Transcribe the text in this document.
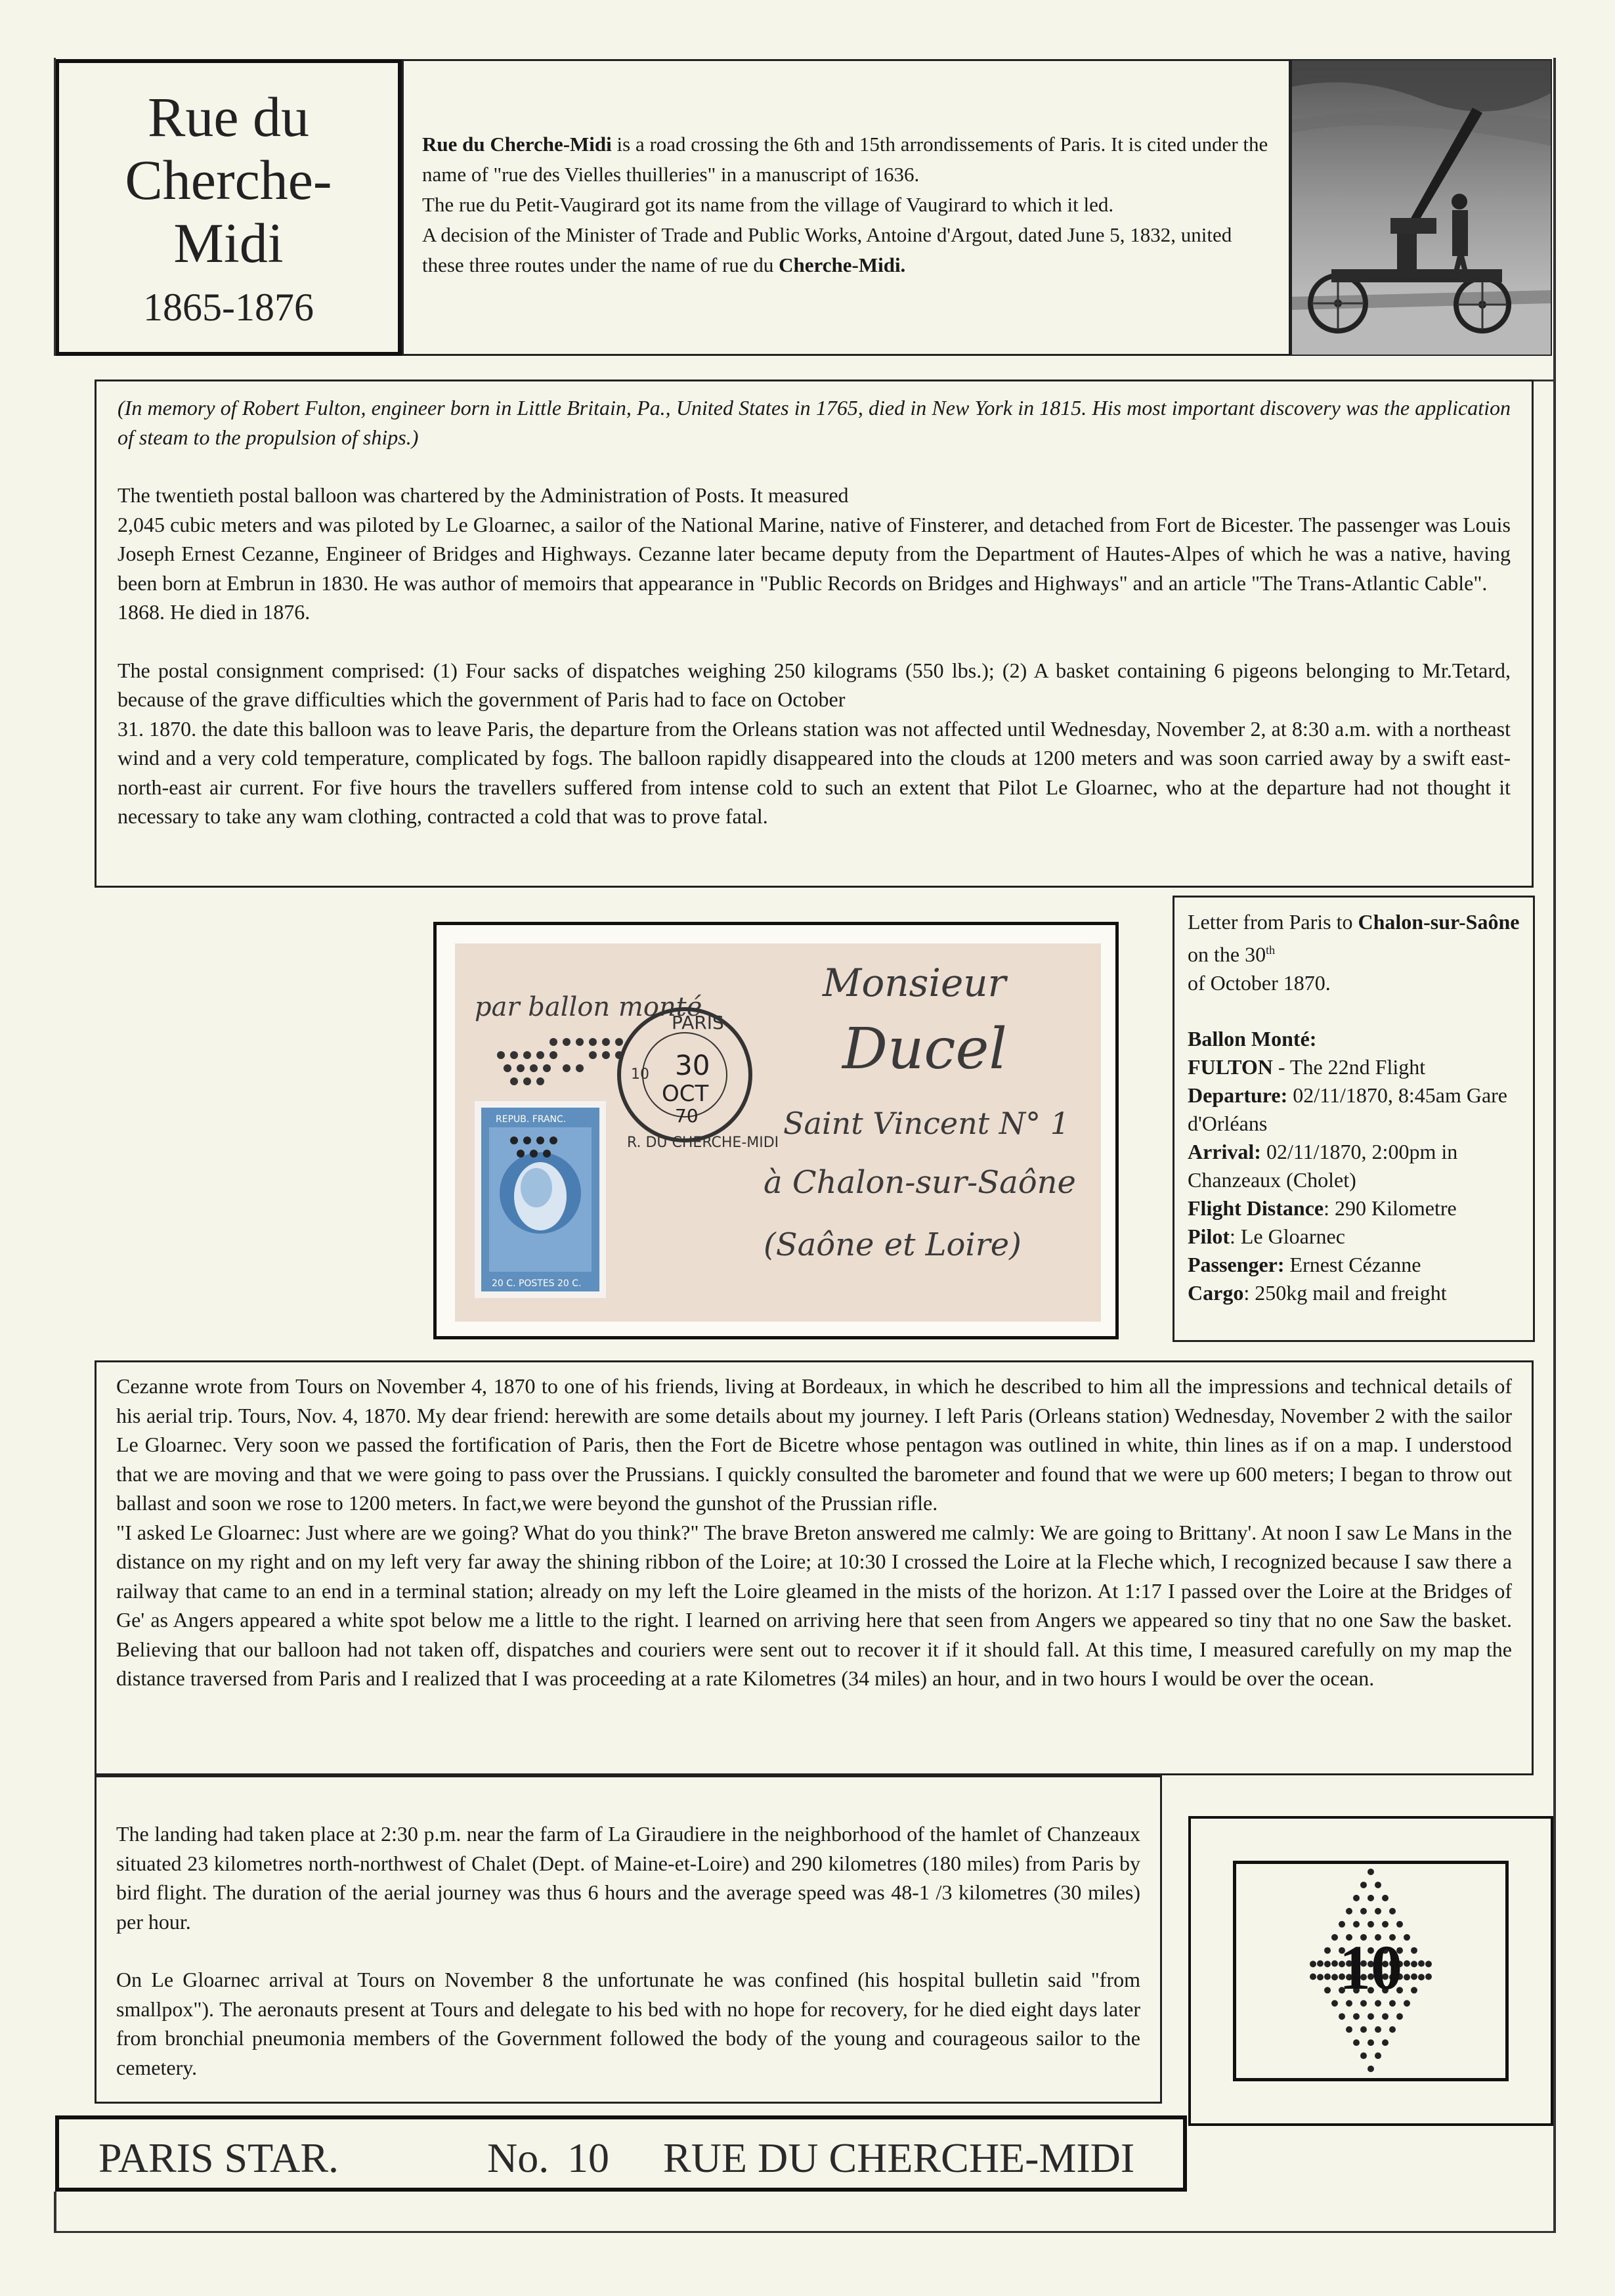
Rue du
Cherche-
Midi
1865-1876

Rue du Cherche-Midi is a road crossing the 6th and 15th arrondissements of Paris. It is cited under the name of "rue des Vielles thuilleries" in a manuscript of 1636.

The rue du Petit-Vaugirard got its name from the village of Vaugirard to which it led.

A decision of the Minister of Trade and Public Works, Antoine d'Argout, dated June 5, 1832, united these three routes under the name of rue du Cherche-Midi.

(In memory of Robert Fulton, engineer born in Little Britain, Pa., United States in 1765, died in New York in 1815. His most important discovery was the application of steam to the propulsion of ships.)

The twentieth postal balloon was chartered by the Administration of Posts. It measured

2,045 cubic meters and was piloted by Le Gloarnec, a sailor of the National Marine, native of Finsterer, and detached from Fort de Bicester. The passenger was Louis Joseph Ernest Cezanne, Engineer of Bridges and Highways. Cezanne later became deputy from the Department of Hautes-Alpes of which he was a native, having been born at Embrun in 1830. He was author of memoirs that appearance in "Public Records on Bridges and Highways" and an article "The Trans-Atlantic Cable".

1868. He died in 1876.

The postal consignment comprised: (1) Four sacks of dispatches weighing 250 kilograms (550 lbs.); (2) A basket containing 6 pigeons belonging to Mr.Tetard, because of the grave difficulties which the government of Paris had to face on October

31. 1870. the date this balloon was to leave Paris, the departure from the Orleans station was not affected until Wednesday, November 2, at 8:30 a.m. with a northeast wind and a very cold temperature, complicated by fogs. The balloon rapidly disappeared into the clouds at 1200 meters and was soon carried away by a swift east-north-east air current. For five hours the travellers suffered from intense cold to such an extent that Pilot Le Gloarnec, who at the departure had not thought it necessary to take any wam clothing, contracted a cold that was to prove fatal.

par ballon monté
Monsieur
Ducel
Saint Vincent N° 1
à Chalon-sur-Saône
(Saône et Loire)
PARIS
30
OCT
70
R. DU CHERCHE-MIDI
10
REPUB. FRANC.
20 C. POSTES 20 C.

Letter from Paris to Chalon-sur-Saône on the 30th
of October 1870.

Ballon Monté:

FULTON - The 22nd Flight

Departure: 02/11/1870, 8:45am Gare d'Orléans

Arrival: 02/11/1870, 2:00pm in Chanzeaux (Cholet)

Flight Distance: 290 Kilometre

Pilot: Le Gloarnec

Passenger: Ernest Cézanne

Cargo: 250kg mail and freight

Cezanne wrote from Tours on November 4, 1870 to one of his friends, living at Bordeaux, in which he described to him all the impressions and technical details of his aerial trip. Tours, Nov. 4, 1870. My dear friend: herewith are some details about my journey. I left Paris (Orleans station) Wednesday, November 2 with the sailor Le Gloarnec. Very soon we passed the fortification of Paris, then the Fort de Bicetre whose pentagon was outlined in white, thin lines as if on a map. I understood that we are moving and that we were going to pass over the Prussians. I quickly consulted the barometer and found that we were up 600 meters; I began to throw out ballast and soon we rose to 1200 meters. In fact,we were beyond the gunshot of the Prussian rifle.

"I asked Le Gloarnec: Just where are we going? What do you think?" The brave Breton answered me calmly: We are going to Brittany'. At noon I saw Le Mans in the distance on my right and on my left very far away the shining ribbon of the Loire; at 10:30 I crossed the Loire at la Fleche which, I recognized because I saw there a railway that came to an end in a terminal station; already on my left the Loire gleamed in the mists of the horizon. At 1:17 I passed over the Loire at the Bridges of Ge' as Angers appeared a white spot below me a little to the right. I learned on arriving here that seen from Angers we appeared so tiny that no one Saw the basket. Believing that our balloon had not taken off, dispatches and couriers were sent out to recover it if it should fall. At this time, I measured carefully on my map the distance traversed from Paris and I realized that I was proceeding at a rate Kilometres (34 miles) an hour, and in two hours I would be over the ocean.

The landing had taken place at 2:30 p.m. near the farm of La Giraudiere in the neighborhood of the hamlet of Chanzeaux situated 23 kilometres north-northwest of Chalet (Dept. of Maine-et-Loire) and 290 kilometres (180 miles) from Paris by bird flight. The duration of the aerial journey was thus 6 hours and the average speed was 48-1 /3 kilometres (30 miles) per hour.

On Le Gloarnec arrival at Tours on November 8 the unfortunate he was confined (his hospital bulletin said "from smallpox"). The aeronauts present at Tours and delegate to his bed with no hope for recovery, for he died eight days later from bronchial pneumonia members of the Government followed the body of the young and courageous sailor to the cemetery.

10
PARIS STAR.	No. 10 RUE DU CHERCHE-MIDI
